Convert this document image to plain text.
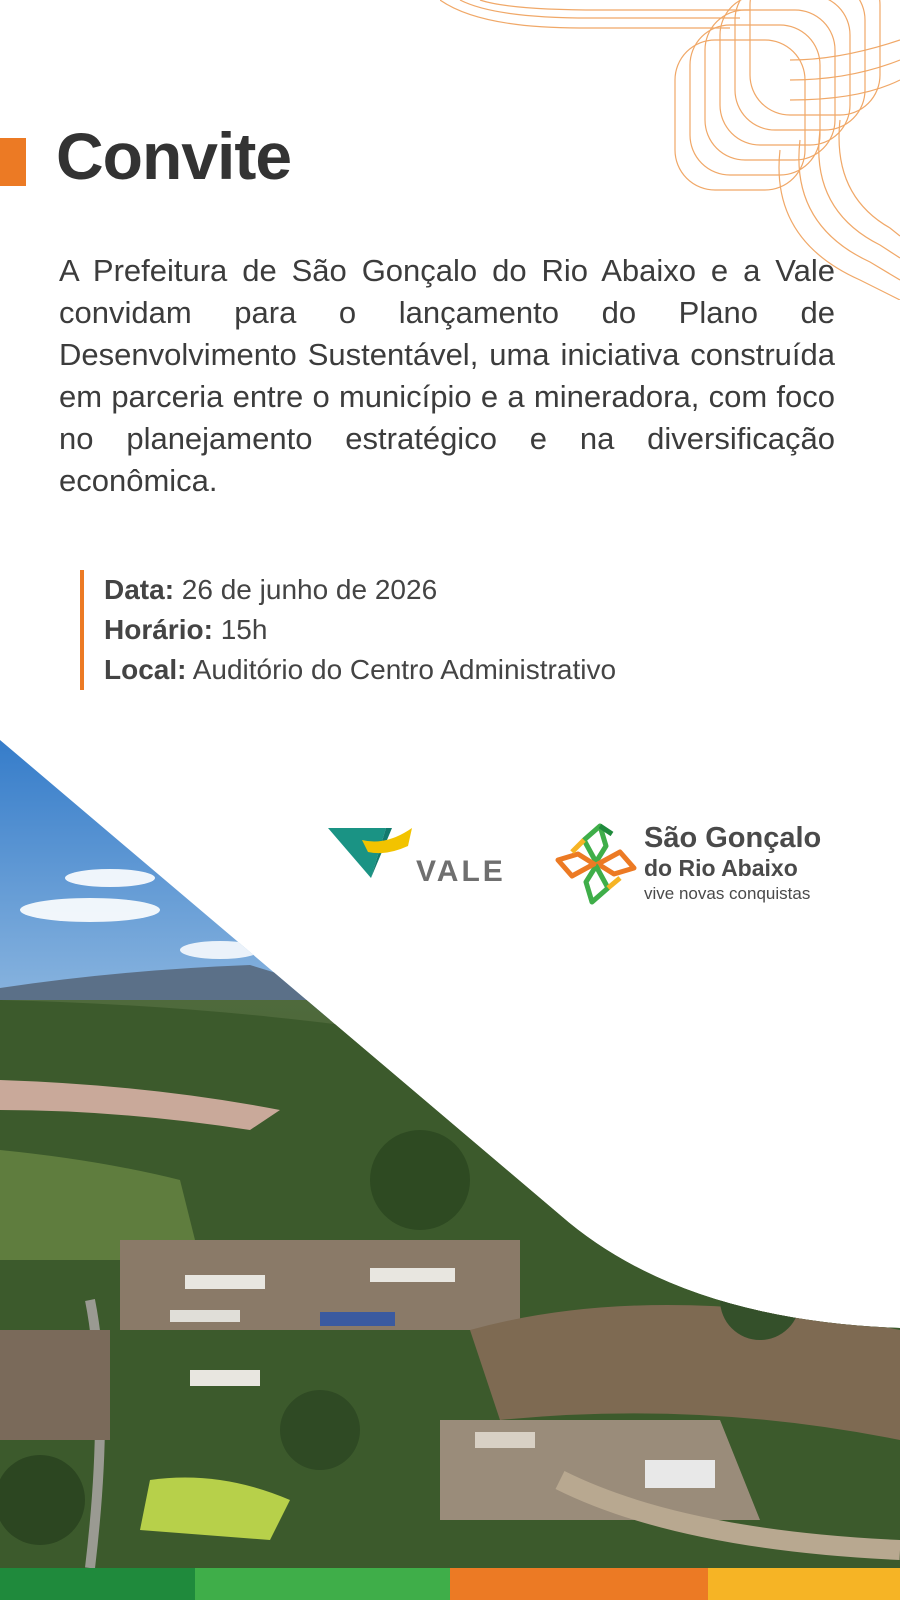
Convite

A Prefeitura de São Gonçalo do Rio Abaixo e a Vale convidam para o lançamento do Plano de Desenvolvimento Sustentável, uma iniciativa construída em parceria entre o município e a mineradora, com foco no planejamento estratégico e na diversificação econômica.

Data: 26 de junho de 2026
Horário: 15h
Local: Auditório do Centro Administrativo
VALE
São Gonçalo
do Rio Abaixo
vive novas conquistas
